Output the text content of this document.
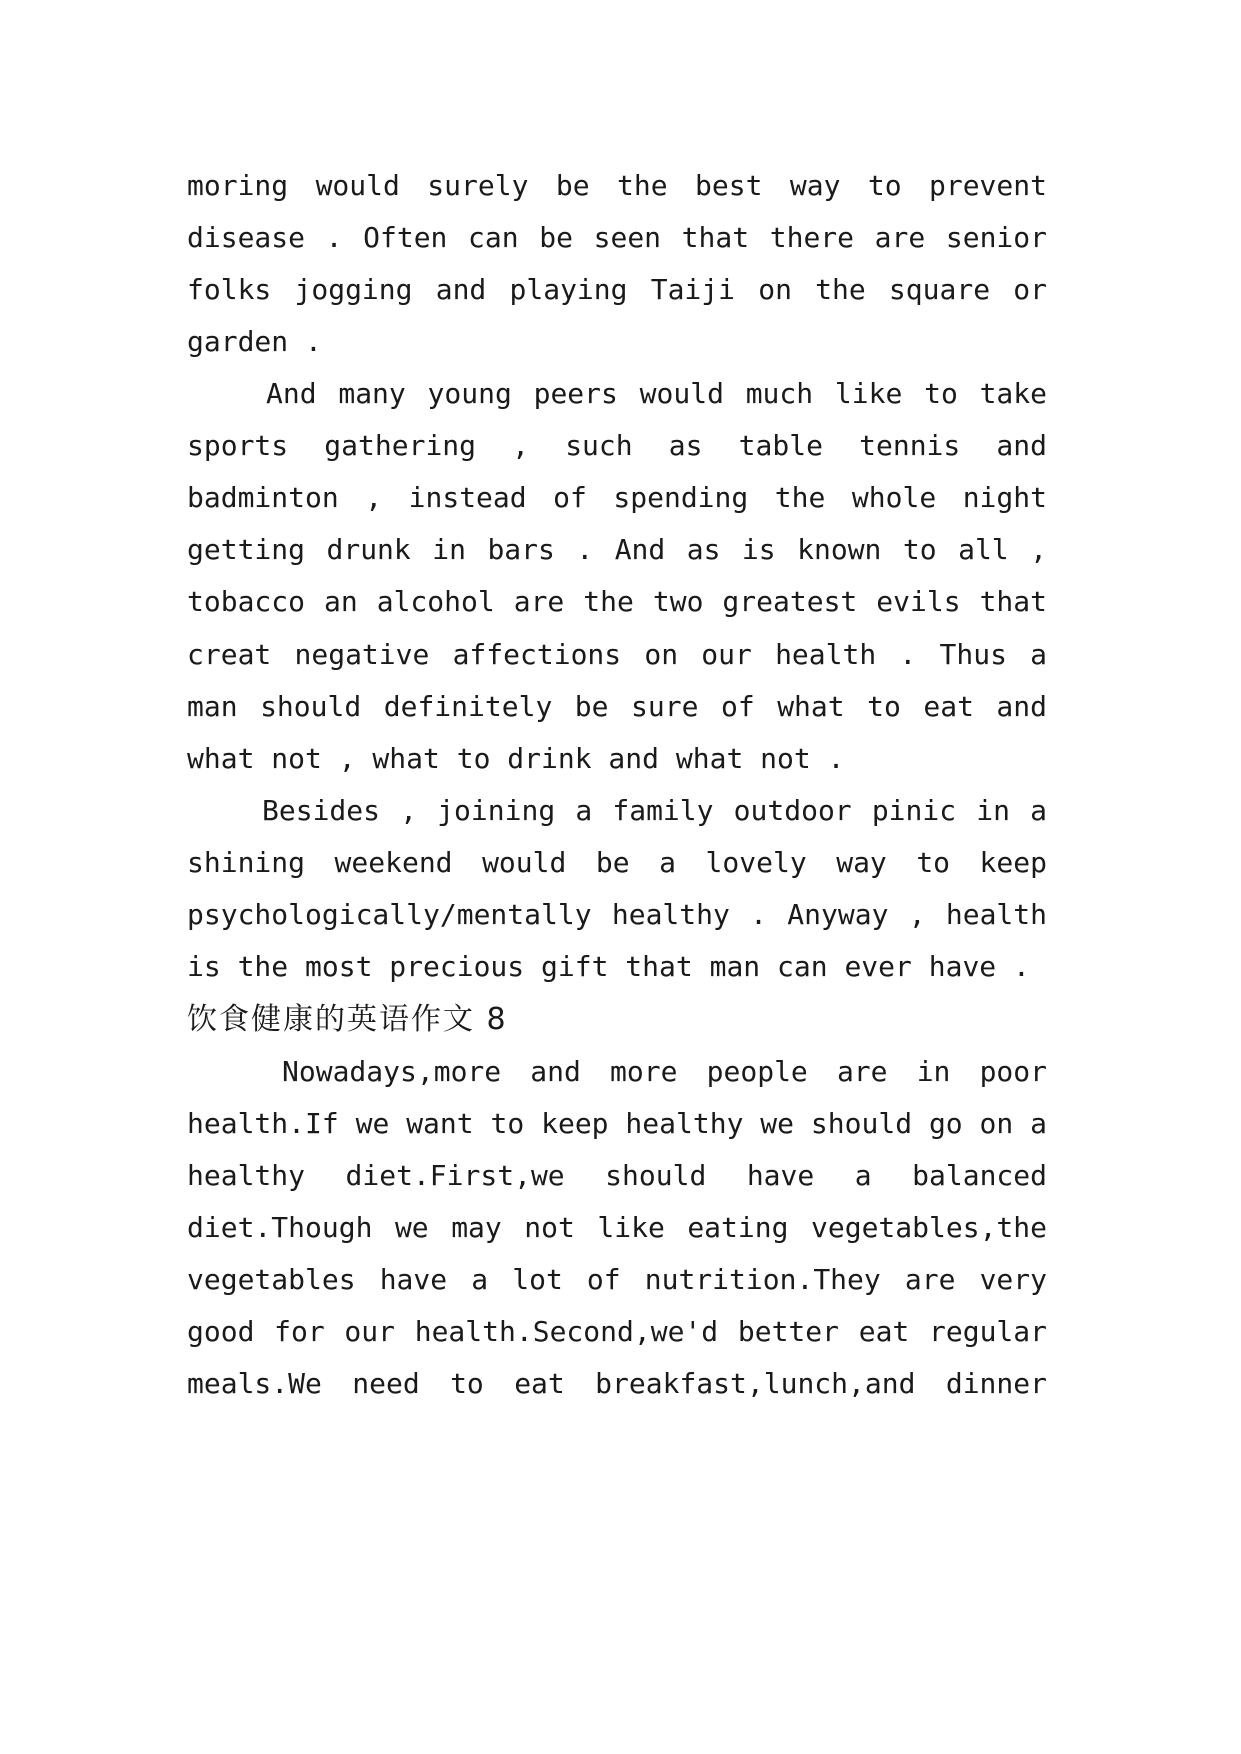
moring would surely be the best way to prevent
disease . Often can be seen that there are senior
folks jogging and playing Taiji on the square or
garden .
And many young peers would much like to take
sports gathering , such as table tennis and
badminton , instead of spending the whole night
getting drunk in bars . And as is known to all ,
tobacco an alcohol are the two greatest evils that
creat negative affections on our health . Thus a
man should definitely be sure of what to eat and
what not , what to drink and what not .
Besides , joining a family outdoor pinic in a
shining weekend would be a lovely way to keep
psychologically/mentally healthy . Anyway , health
is the most precious gift that man can ever have .
饮食健康的英语作文 8
Nowadays,more and more people are in poor
health.If we want to keep healthy we should go on a
healthy diet.First,we should have a balanced
diet.Though we may not like eating vegetables,the
vegetables have a lot of nutrition.They are very
good for our health.Second,we'd better eat regular
meals.We need to eat breakfast,lunch,and dinner
